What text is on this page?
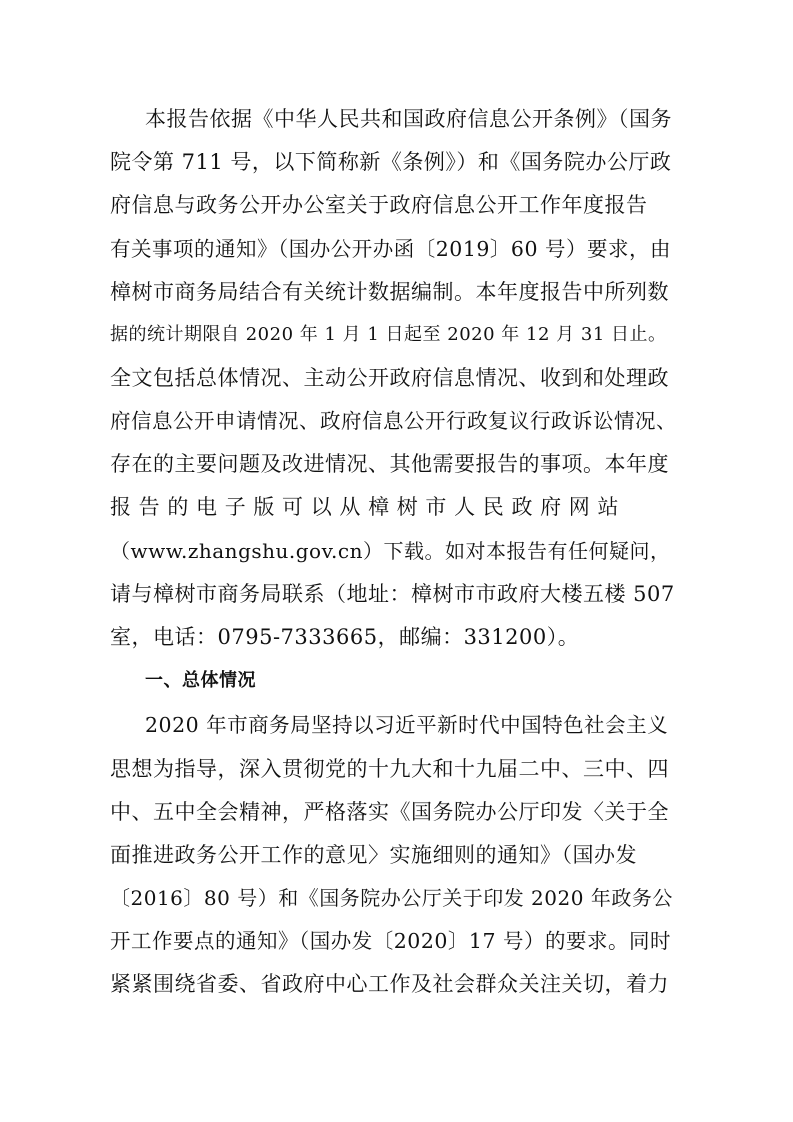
本报告依据《中华人民共和国政府信息公开条例》（国务
院令第 711 号，以下简称新《条例》）和《国务院办公厅政
府信息与政务公开办公室关于政府信息公开工作年度报告
有关事项的通知》（国办公开办函〔2019〕60 号）要求，由
樟树市商务局结合有关统计数据编制。本年度报告中所列数
据的统计期限自 2020 年 1 月 1 日起至 2020 年 12 月 31 日止。
全文包括总体情况、主动公开政府信息情况、收到和处理政
府信息公开申请情况、政府信息公开行政复议行政诉讼情况、
存在的主要问题及改进情况、其他需要报告的事项。本年度
报 告 的 电 子 版 可 以 从 樟 树 市 人 民 政 府 网 站
（www.zhangshu.gov.cn）下载。如对本报告有任何疑问，
请与樟树市商务局联系（地址：樟树市市政府大楼五楼 507
室，电话：0795-7333665，邮编：331200）。
一、总体情况
2020 年市商务局坚持以习近平新时代中国特色社会主义
思想为指导，深入贯彻党的十九大和十九届二中、三中、四
中、五中全会精神，严格落实《国务院办公厅印发〈关于全
面推进政务公开工作的意见〉实施细则的通知》（国办发
〔2016〕80 号）和《国务院办公厅关于印发 2020 年政务公
开工作要点的通知》（国办发〔2020〕17 号）的要求。同时
紧紧围绕省委、省政府中心工作及社会群众关注关切，着力
